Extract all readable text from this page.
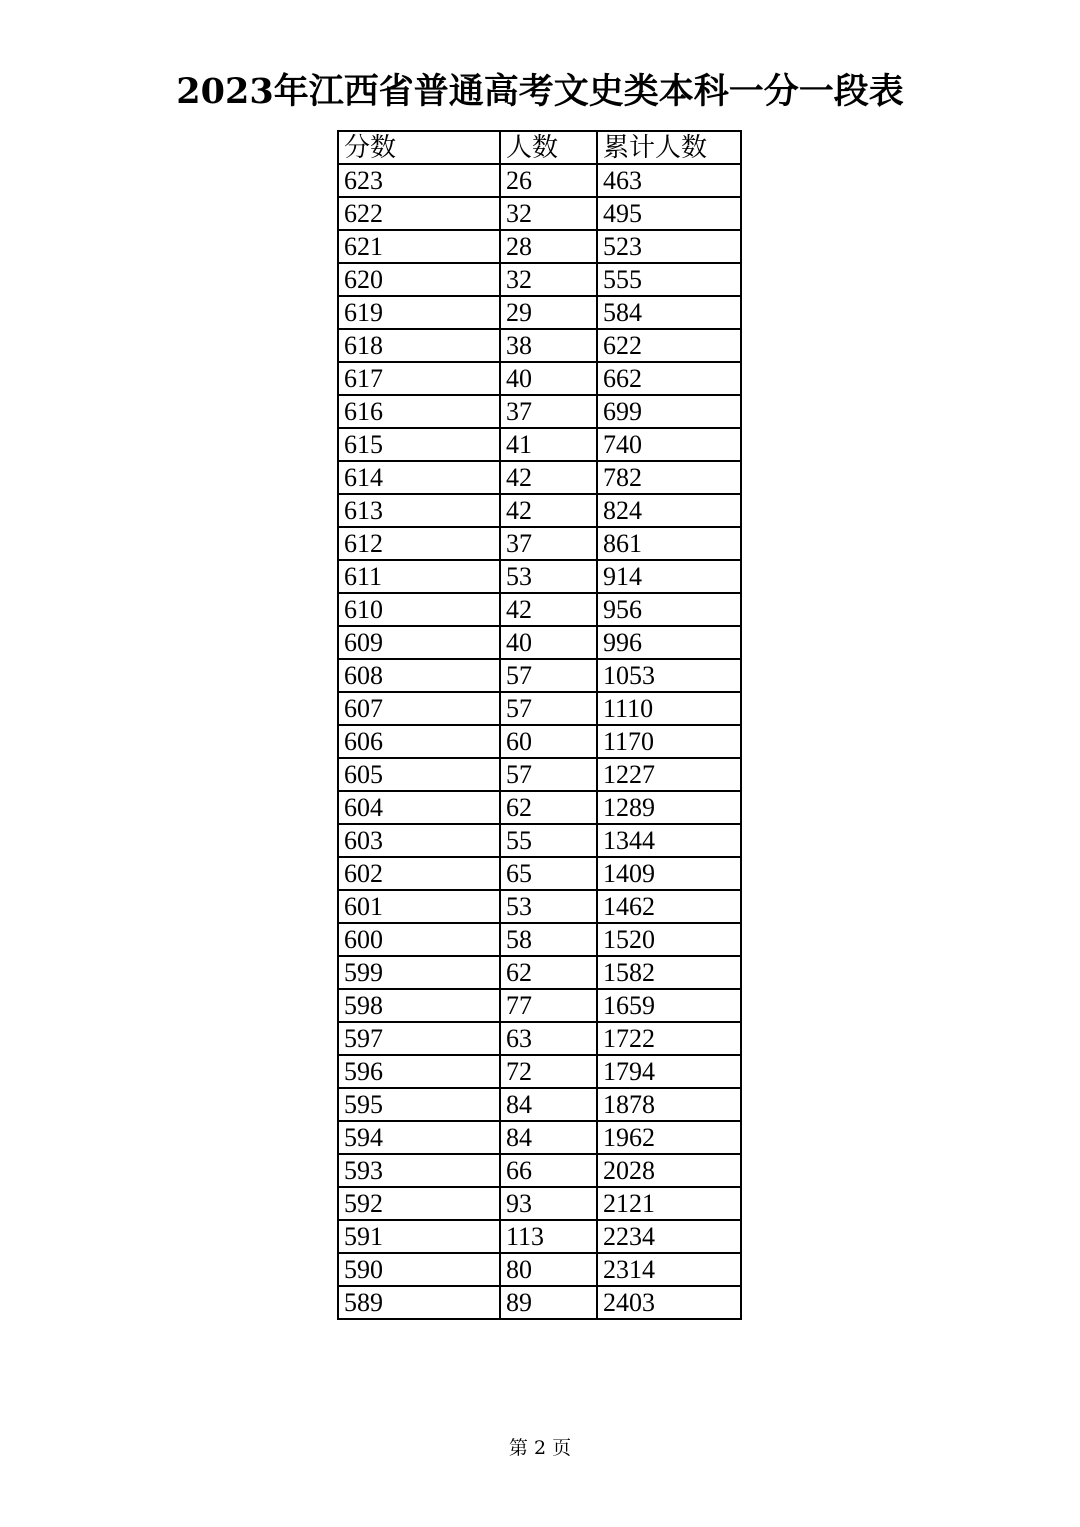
2023年江西省普通高考文史类本科一分一段表
分数	人数	累计人数
623	26	463
622	32	495
621	28	523
620	32	555
619	29	584
618	38	622
617	40	662
616	37	699
615	41	740
614	42	782
613	42	824
612	37	861
611	53	914
610	42	956
609	40	996
608	57	1053
607	57	1110
606	60	1170
605	57	1227
604	62	1289
603	55	1344
602	65	1409
601	53	1462
600	58	1520
599	62	1582
598	77	1659
597	63	1722
596	72	1794
595	84	1878
594	84	1962
593	66	2028
592	93	2121
591	113	2234
590	80	2314
589	89	2403
第 2 页
